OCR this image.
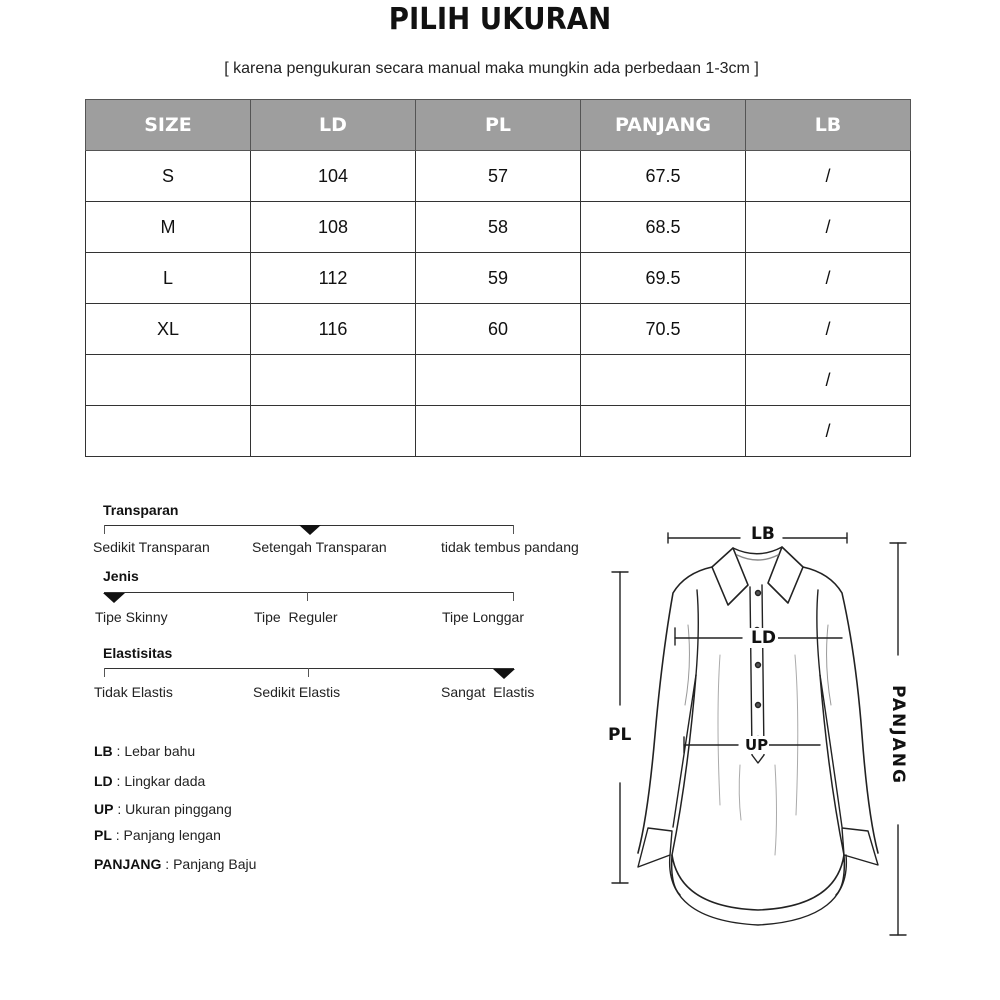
PILIH UKURAN
[ karena pengukuran secara manual maka mungkin ada perbedaan 1-3cm ]
SIZE	LD	PL	PANJANG	LB
S	104	57	67.5	/
M	108	58	68.5	/
L	112	59	69.5	/
XL	116	60	70.5	/
				/
				/
Transparan
Sedikit Transparan	Setengah Transparan	tidak tembus pandang
Jenis
Tipe Skinny	Tipe  Reguler	Tipe Longgar
Elastisitas
Tidak Elastis	Sedikit Elastis	Sangat  Elastis
LB : Lebar bahu
LD : Lingkar dada
UP : Ukuran pinggang
PL : Panjang lengan
PANJANG : Panjang Baju
LB
LD
UP
PL	PANJANG
